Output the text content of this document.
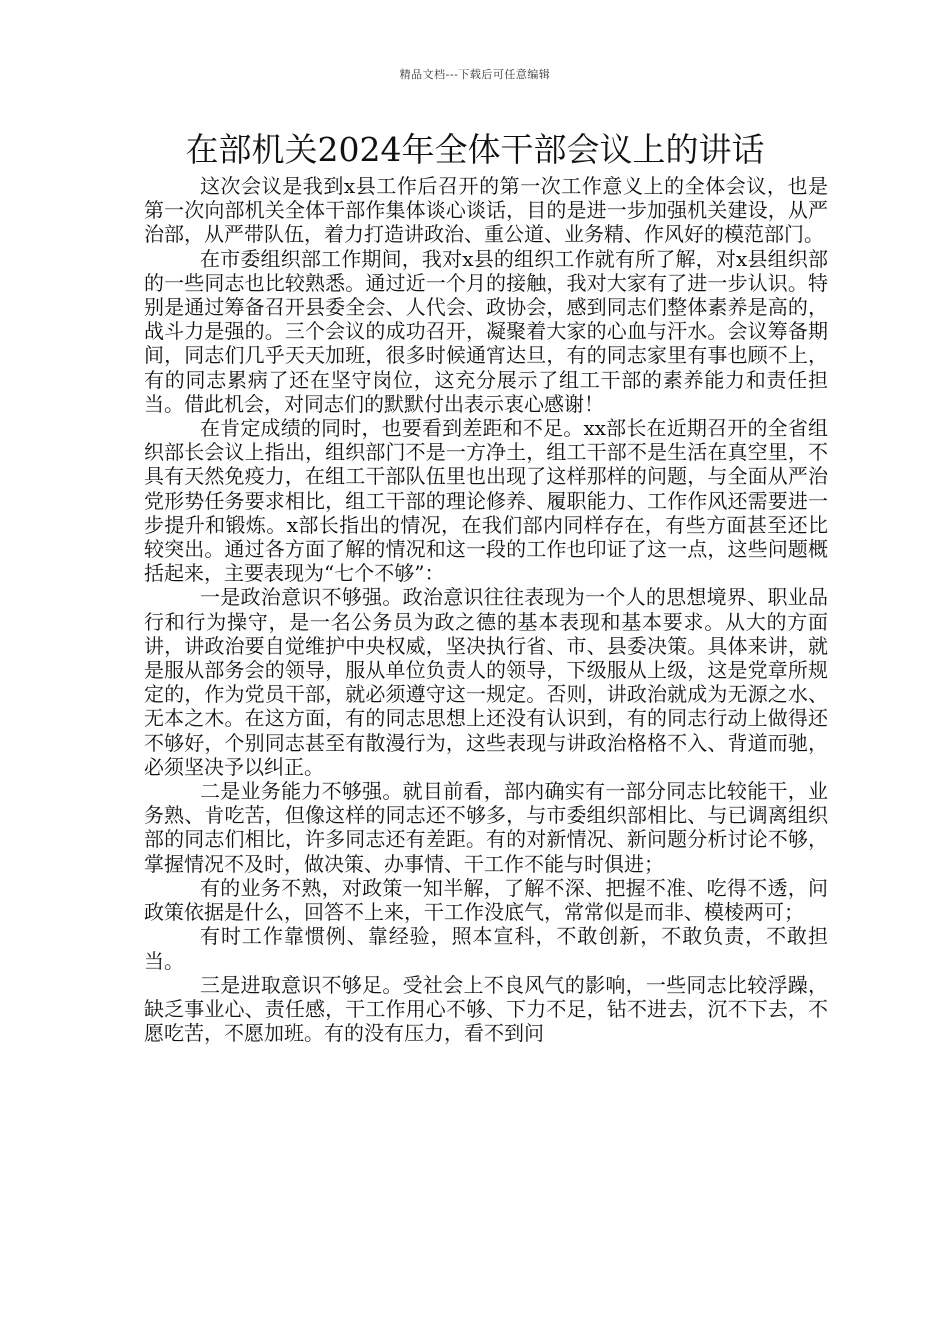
精品文档---下载后可任意编辑
在部机关2024年全体干部会议上的讲话

这次会议是我到x县工作后召开的第一次工作意义上的全体会议，也是第一次向部机关全体干部作集体谈心谈话，目的是进一步加强机关建设，从严治部，从严带队伍，着力打造讲政治、重公道、业务精、作风好的模范部门。

在市委组织部工作期间，我对x县的组织工作就有所了解，对x县组织部的一些同志也比较熟悉。通过近一个月的接触，我对大家有了进一步认识。特别是通过筹备召开县委全会、人代会、政协会，感到同志们整体素养是高的，战斗力是强的。三个会议的成功召开，凝聚着大家的心血与汗水。会议筹备期间，同志们几乎天天加班，很多时候通宵达旦，有的同志家里有事也顾不上，有的同志累病了还在坚守岗位，这充分展示了组工干部的素养能力和责任担当。借此机会，对同志们的默默付出表示衷心感谢！

在肯定成绩的同时，也要看到差距和不足。xx部长在近期召开的全省组织部长会议上指出，组织部门不是一方净土，组工干部不是生活在真空里，不具有天然免疫力，在组工干部队伍里也出现了这样那样的问题，与全面从严治党形势任务要求相比，组工干部的理论修养、履职能力、工作作风还需要进一步提升和锻炼。x部长指出的情况，在我们部内同样存在，有些方面甚至还比较突出。通过各方面了解的情况和这一段的工作也印证了这一点，这些问题概括起来，主要表现为“七个不够”：

一是政治意识不够强。政治意识往往表现为一个人的思想境界、职业品行和行为操守，是一名公务员为政之德的基本表现和基本要求。从大的方面讲，讲政治要自觉维护中央权威，坚决执行省、市、县委决策。具体来讲，就是服从部务会的领导，服从单位负责人的领导，下级服从上级，这是党章所规定的，作为党员干部，就必须遵守这一规定。否则，讲政治就成为无源之水、无本之木。在这方面，有的同志思想上还没有认识到，有的同志行动上做得还不够好，个别同志甚至有散漫行为，这些表现与讲政治格格不入、背道而驰，必须坚决予以纠正。

二是业务能力不够强。就目前看，部内确实有一部分同志比较能干，业务熟、肯吃苦，但像这样的同志还不够多，与市委组织部相比、与已调离组织部的同志们相比，许多同志还有差距。有的对新情况、新问题分析讨论不够，掌握情况不及时，做决策、办事情、干工作不能与时俱进；

有的业务不熟，对政策一知半解，了解不深、把握不准、吃得不透，问政策依据是什么，回答不上来，干工作没底气，常常似是而非、模棱两可；

有时工作靠惯例、靠经验，照本宣科，不敢创新，不敢负责，不敢担当。

三是进取意识不够足。受社会上不良风气的影响，一些同志比较浮躁，缺乏事业心、责任感，干工作用心不够、下力不足，钻不进去，沉不下去，不愿吃苦，不愿加班。有的没有压力，看不到问
